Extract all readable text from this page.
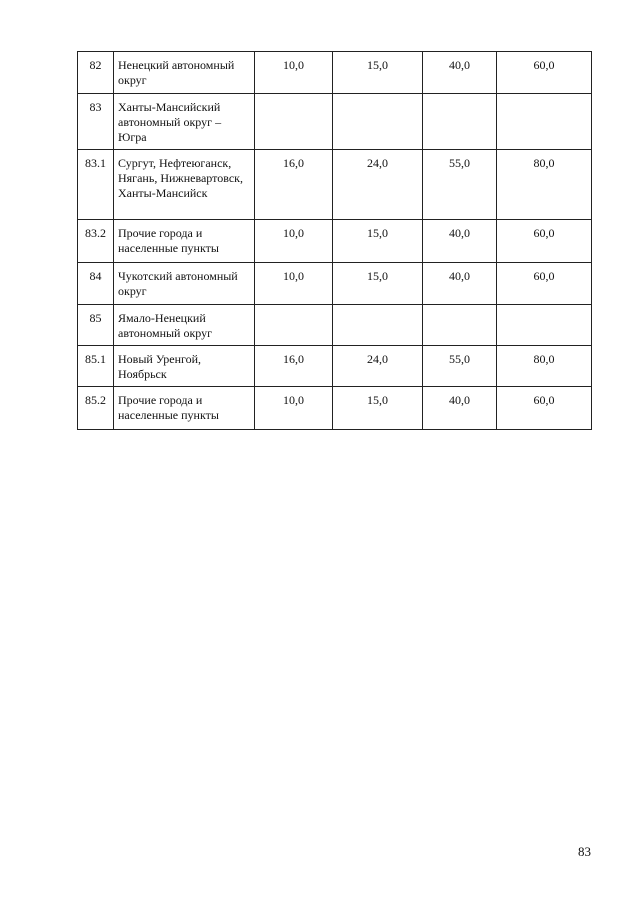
82	Ненецкий автономный округ	10,0	15,0	40,0	60,0
83	Ханты-Мансийский автономный округ – Югра				
83.1	Сургут, Нефтеюганск, Нягань, Нижневартовск, Ханты-Мансийск	16,0	24,0	55,0	80,0
83.2	Прочие города и населенные пункты	10,0	15,0	40,0	60,0
84	Чукотский автономный округ	10,0	15,0	40,0	60,0
85	Ямало-Ненецкий автономный округ				
85.1	Новый Уренгой, Ноябрьск	16,0	24,0	55,0	80,0
85.2	Прочие города и населенные пункты	10,0	15,0	40,0	60,0
83
